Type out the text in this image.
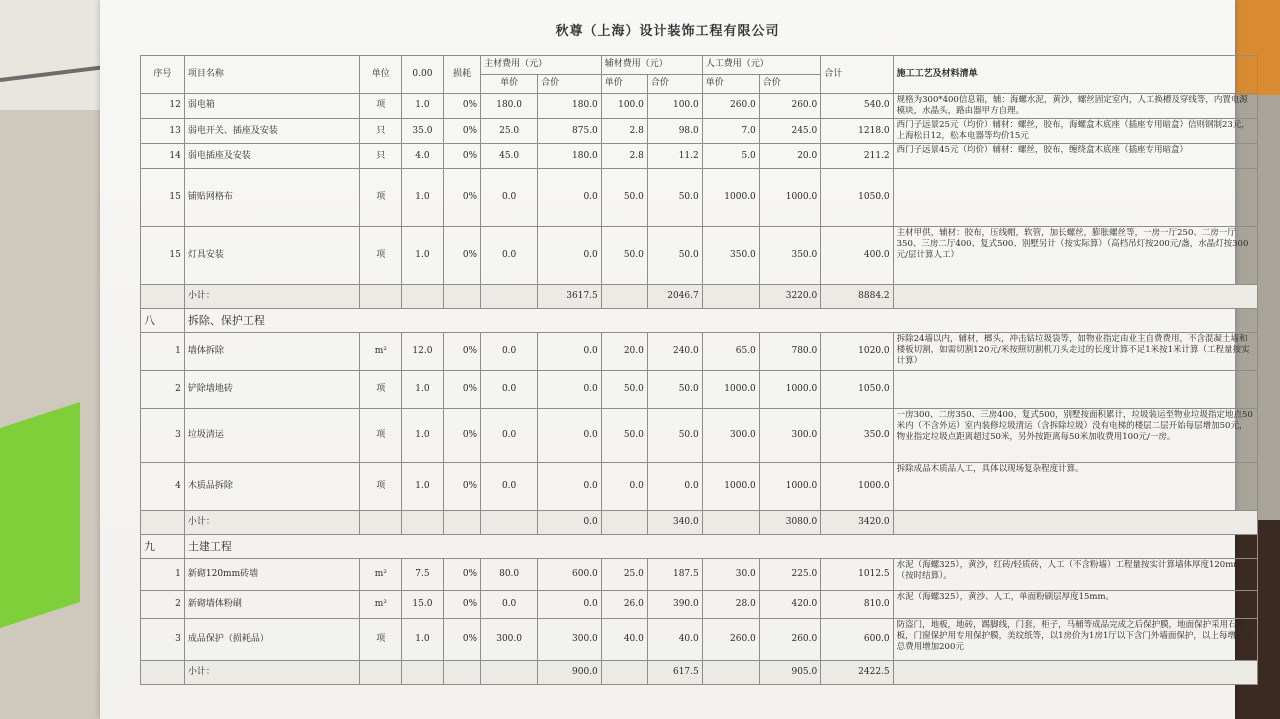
秋尊（上海）设计装饰工程有限公司
序号	项目名称	单位	0.00	损耗	主材费用（元）		辅材费用（元）		人工费用（元）		合计	施工工艺及材料清单
					单价	合价	单价	合价	单价	合价		
12	弱电箱	项	1.0	0%	180.0	180.0	100.0	100.0	260.0	260.0	540.0	规格为300*400信息箱，辅：海螺水泥，黄沙，螺丝固定室内，人工换槽及穿线等，内置电源模块，水晶头，路由器甲方自理。
13	弱电开关、插座及安装	只	35.0	0%	25.0	875.0	2.8	98.0	7.0	245.0	1218.0	西门子远景25元（均价）辅材：螺丝，胶布，海螺盒木底座（插座专用暗盒）信则钢制23元，上海松日12，松本电器等均价15元
14	弱电插座及安装	只	4.0	0%	45.0	180.0	2.8	11.2	5.0	20.0	211.2	西门子远景45元（均价）辅材：螺丝，胶布，缠绕盒木底座（插座专用暗盒）
15	铺贴网格布	项	1.0	0%	0.0	0.0	50.0	50.0	1000.0	1000.0	1050.0	
15	灯具安装	项	1.0	0%	0.0	0.0	50.0	50.0	350.0	350.0	400.0	主材甲供，辅材：胶布，压线帽，软管，加长螺丝，膨胀螺丝等，一房一厅250、二房一厅350、三房二厅400、复式500、别墅另计（按实际算）（高档吊灯按200元/盏，水晶灯按300元/层计算人工）
	小计：					3617.5		2046.7		3220.0	8884.2	
八	拆除、保护工程											
1	墙体拆除	m²	12.0	0%	0.0	0.0	20.0	240.0	65.0	780.0	1020.0	拆除24墙以内，辅材，榔头，冲击钻垃圾袋等，如物业指定由业主自费费用，不含混凝土墙和楼板切割，如需切割120元/米按照切割机刀头走过的长度计算不足1米按1米计算（工程量按实计算）
2	铲除墙地砖	项	1.0	0%	0.0	0.0	50.0	50.0	1000.0	1000.0	1050.0	
3	垃圾清运	项	1.0	0%	0.0	0.0	50.0	50.0	300.0	300.0	350.0	一房300、二房350、三房400、复式500，别墅按面积累计，垃圾装运至物业垃圾指定地点50米内（不含外运）室内装修垃圾清运（含拆除垃圾）没有电梯的楼层二层开始每层增加50元，物业指定垃圾点距离超过50米，另外按距离每50米加收费用100元/一房。
4	木质品拆除	项	1.0	0%	0.0	0.0	0.0	0.0	1000.0	1000.0	1000.0	拆除成品木质品人工，具体以现场复杂程度计算。
	小计：					0.0		340.0		3080.0	3420.0	
九	土建工程											
1	新砌120mm砖墙	m²	7.5	0%	80.0	600.0	25.0	187.5	30.0	225.0	1012.5	水泥（海螺325），黄沙，红砖/轻质砖，人工（不含粉墙）工程量按实计算墙体厚度120mm（按时结算）。
2	新砌墙体粉刷	m²	15.0	0%	0.0	0.0	26.0	390.0	28.0	420.0	810.0	水泥（海螺325），黄沙、人工，单面粉刷层厚度15mm。
3	成品保护（损耗品）	项	1.0	0%	300.0	300.0	40.0	40.0	260.0	260.0	600.0	防盗门，地板，地砖，踢脚线，门套，柜子，马桶等成品完成之后保护膜，地面保护采用石膏板，门窗保护用专用保护膜，美纹纸等，以1房价为1房1厅以下含门外墙面保护，以上每增一房总费用增加200元
	小计：					900.0		617.5		905.0	2422.5	
